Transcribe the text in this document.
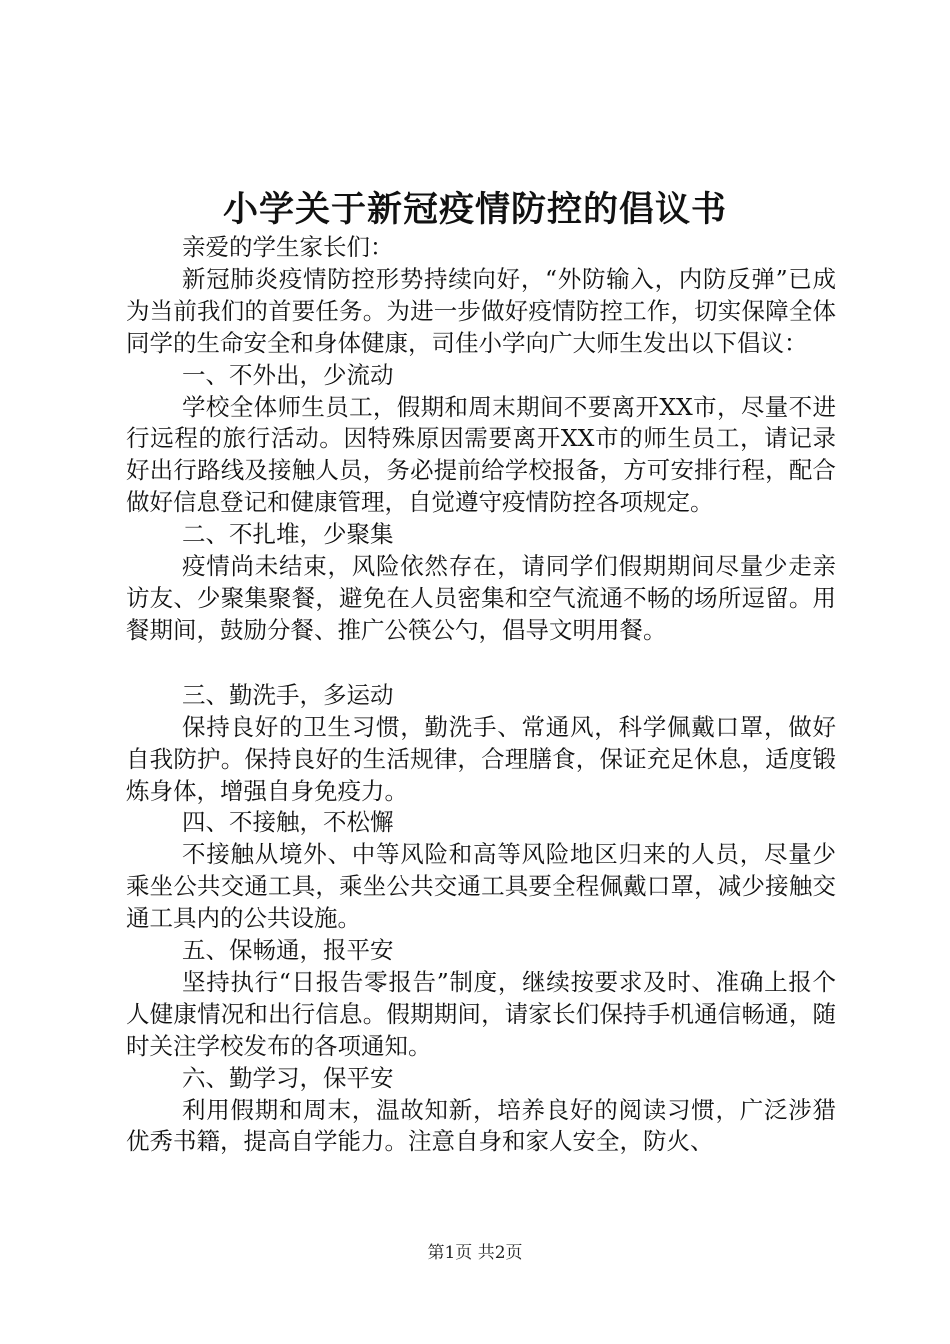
小学关于新冠疫情防控的倡议书

亲爱的学生家长们：

新冠肺炎疫情防控形势持续向好，“外防输入，内防反弹”已成为当前我们的首要任务。为进一步做好疫情防控工作，切实保障全体同学的生命安全和身体健康，司佳小学向广大师生发出以下倡议：

一、不外出，少流动

学校全体师生员工，假期和周末期间不要离开XX市，尽量不进行远程的旅行活动。因特殊原因需要离开XX市的师生员工，请记录好出行路线及接触人员，务必提前给学校报备，方可安排行程，配合做好信息登记和健康管理，自觉遵守疫情防控各项规定。

二、不扎堆，少聚集

疫情尚未结束，风险依然存在，请同学们假期期间尽量少走亲访友、少聚集聚餐，避免在人员密集和空气流通不畅的场所逗留。用餐期间，鼓励分餐、推广公筷公勺，倡导文明用餐。

三、勤洗手，多运动

保持良好的卫生习惯，勤洗手、常通风，科学佩戴口罩，做好自我防护。保持良好的生活规律，合理膳食，保证充足休息，适度锻炼身体，增强自身免疫力。

四、不接触，不松懈

不接触从境外、中等风险和高等风险地区归来的人员，尽量少乘坐公共交通工具，乘坐公共交通工具要全程佩戴口罩，减少接触交通工具内的公共设施。

五、保畅通，报平安

坚持执行“日报告零报告”制度，继续按要求及时、准确上报个人健康情况和出行信息。假期期间，请家长们保持手机通信畅通，随时关注学校发布的各项通知。

六、勤学习，保平安

利用假期和周末，温故知新，培养良好的阅读习惯，广泛涉猎优秀书籍，提高自学能力。注意自身和家人安全，防火、

第1页 共2页
